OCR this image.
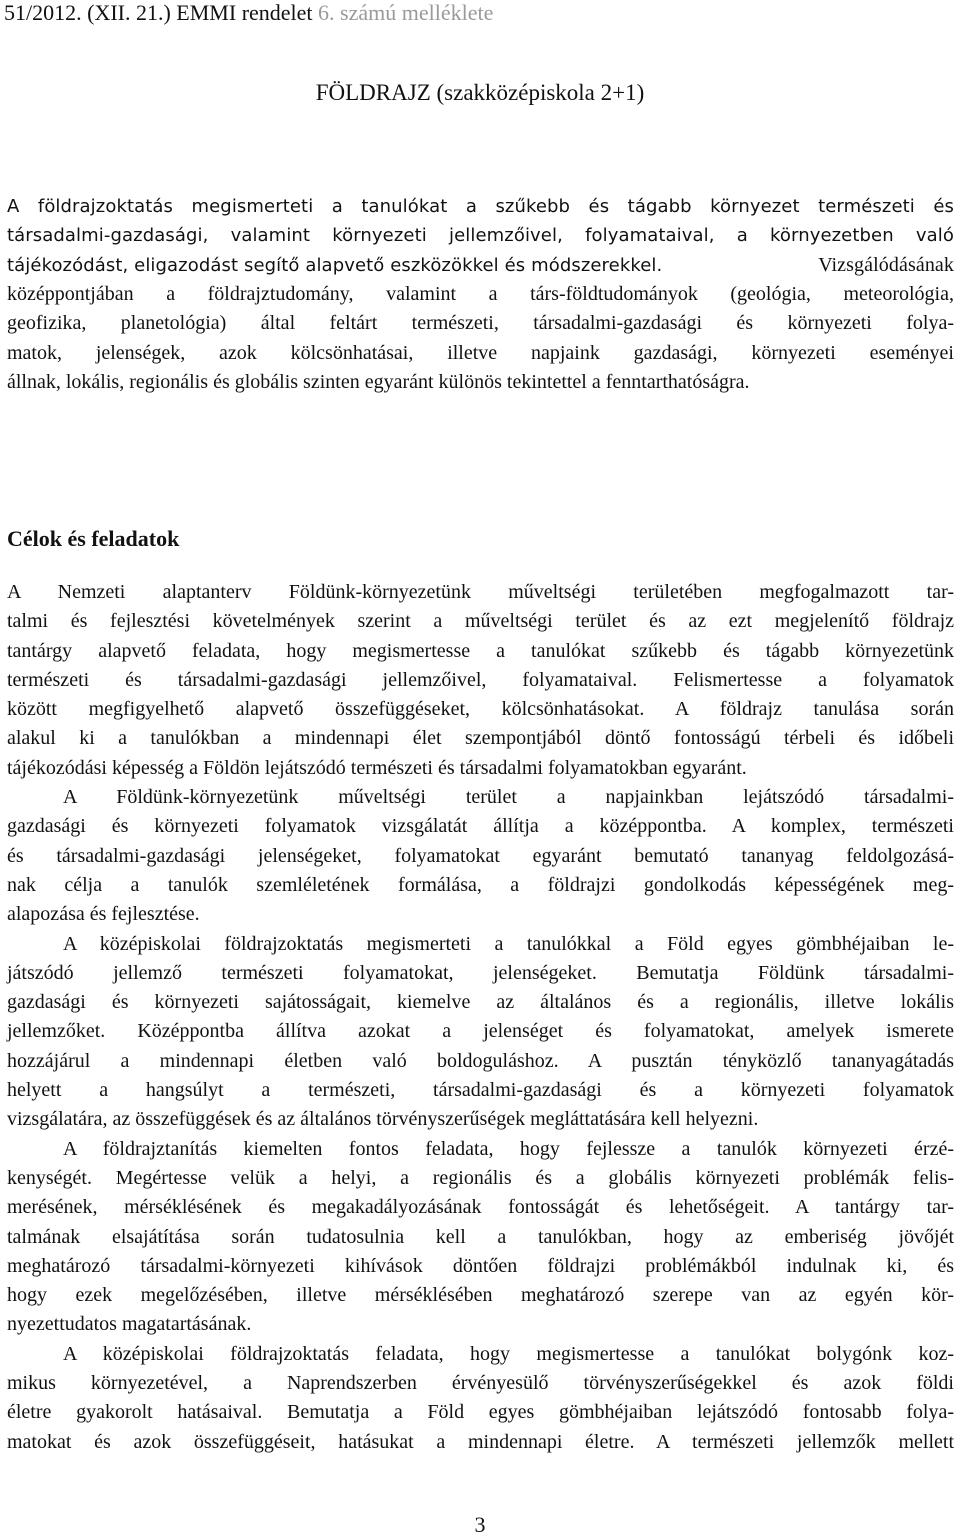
51/2012. (XII. 21.) EMMI rendelet 6. számú melléklete
FÖLDRAJZ (szakközépiskola 2+1)
A földrajzoktatás megismerteti a tanulókat a szűkebb és tágabb környezet természeti és
társadalmi-gazdasági, valamint környezeti jellemzőivel, folyamataival, a környezetben való
tájékozódást, eligazodást segítő alapvető eszközökkel és módszerekkel.	Vizsgálódásának
középpontjában a földrajztudomány, valamint a társ-földtudományok (geológia, meteorológia,
geofizika, planetológia) által feltárt természeti, társadalmi-gazdasági és környezeti folya-
matok, jelenségek, azok kölcsönhatásai, illetve napjaink gazdasági, környezeti eseményei
állnak, lokális, regionális és globális szinten egyaránt különös tekintettel a fenntarthatóságra.
Célok és feladatok
A Nemzeti alaptanterv Földünk-környezetünk műveltségi területében megfogalmazott tar-
talmi és fejlesztési követelmények szerint a műveltségi terület és az ezt megjelenítő földrajz
tantárgy alapvető feladata, hogy megismertesse a tanulókat szűkebb és tágabb környezetünk
természeti és társadalmi-gazdasági jellemzőivel, folyamataival. Felismertesse a folyamatok
között megfigyelhető alapvető összefüggéseket, kölcsönhatásokat. A földrajz tanulása során
alakul ki a tanulókban a mindennapi élet szempontjából döntő fontosságú térbeli és időbeli
tájékozódási képesség a Földön lejátszódó természeti és társadalmi folyamatokban egyaránt.
A Földünk-környezetünk műveltségi terület a napjainkban lejátszódó társadalmi-
gazdasági és környezeti folyamatok vizsgálatát állítja a középpontba. A komplex, természeti
és társadalmi-gazdasági jelenségeket, folyamatokat egyaránt bemutató tananyag feldolgozásá-
nak célja a tanulók szemléletének formálása, a földrajzi gondolkodás képességének meg-
alapozása és fejlesztése.
A középiskolai földrajzoktatás megismerteti a tanulókkal a Föld egyes gömbhéjaiban le-
játszódó jellemző természeti folyamatokat, jelenségeket. Bemutatja Földünk társadalmi-
gazdasági és környezeti sajátosságait, kiemelve az általános és a regionális, illetve lokális
jellemzőket. Középpontba állítva azokat a jelenséget és folyamatokat, amelyek ismerete
hozzájárul a mindennapi életben való boldoguláshoz. A pusztán tényközlő tananyagátadás
helyett a hangsúlyt a természeti, társadalmi-gazdasági és a környezeti folyamatok
vizsgálatára, az összefüggések és az általános törvényszerűségek megláttatására kell helyezni.
A földrajztanítás kiemelten fontos feladata, hogy fejlessze a tanulók környezeti érzé-
kenységét. Megértesse velük a helyi, a regionális és a globális környezeti problémák felis-
merésének, mérséklésének és megakadályozásának fontosságát és lehetőségeit. A tantárgy tar-
talmának elsajátítása során tudatosulnia kell a tanulókban, hogy az emberiség jövőjét
meghatározó társadalmi-környezeti kihívások döntően földrajzi problémákból indulnak ki, és
hogy ezek megelőzésében, illetve mérséklésében meghatározó szerepe van az egyén kör-
nyezettudatos magatartásának.
A középiskolai földrajzoktatás feladata, hogy megismertesse a tanulókat bolygónk koz-
mikus környezetével, a Naprendszerben érvényesülő törvényszerűségekkel és azok földi
életre gyakorolt hatásaival. Bemutatja a Föld egyes gömbhéjaiban lejátszódó fontosabb folya-
matokat és azok összefüggéseit, hatásukat a mindennapi életre. A természeti jellemzők mellett
3
